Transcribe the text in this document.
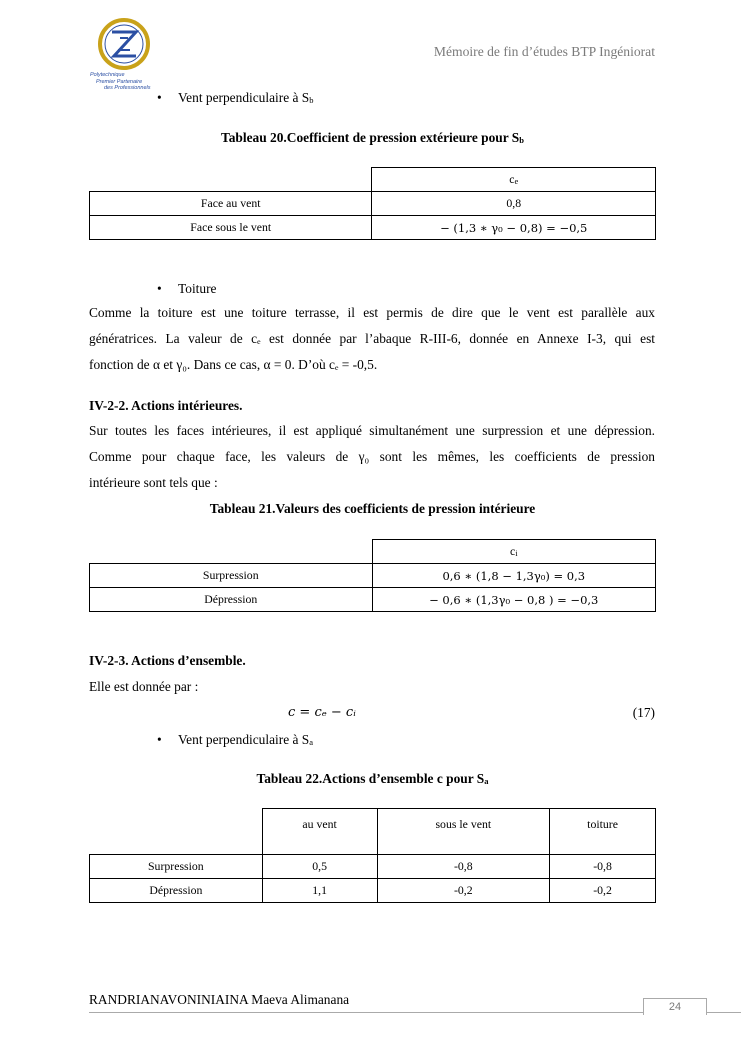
Polytechnique
Premier Partenaire
des Professionnels
Mémoire de fin d’études BTP Ingéniorat
• Vent perpendiculaire à $S_b$
Tableau 20.Coefficient de pression extérieure pour $S_b$
	$c_e$
Face au vent	0,8
Face sous le vent	− (1,3 ∗ γ₀ − 0,8) = −0,5
• Toiture
Comme la toiture est une toiture terrasse, il est permis de dire que le vent est parallèle aux
génératrices. La valeur de cₑ est donnée par l’abaque R-III-6, donnée en Annexe I-3, qui est
fonction de α et γ₀. Dans ce cas, α = 0. D’où cₑ = -0,5.
IV-2-2. Actions intérieures.
Sur toutes les faces intérieures, il est appliqué simultanément une surpression et une dépression.
Comme pour chaque face, les valeurs de γ₀ sont les mêmes, les coefficients de pression
intérieure sont tels que :
Tableau 21.Valeurs des coefficients de pression intérieure
	$c_i$
Surpression	0,6 ∗ (1,8 − 1,3γ₀) = 0,3
Dépression	− 0,6 ∗ (1,3γ₀ − 0,8 ) = −0,3
IV-2-3. Actions d’ensemble.
Elle est donnée par :
c = cₑ − cᵢ	(17)
• Vent perpendiculaire à $S_a$
Tableau 22.Actions d’ensemble c pour $S_a$
	au vent	sous le vent	toiture
Surpression	0,5	-0,8	-0,8
Dépression	1,1	-0,2	-0,2
RANDRIANAVONINIAINA Maeva Alimanana	24
